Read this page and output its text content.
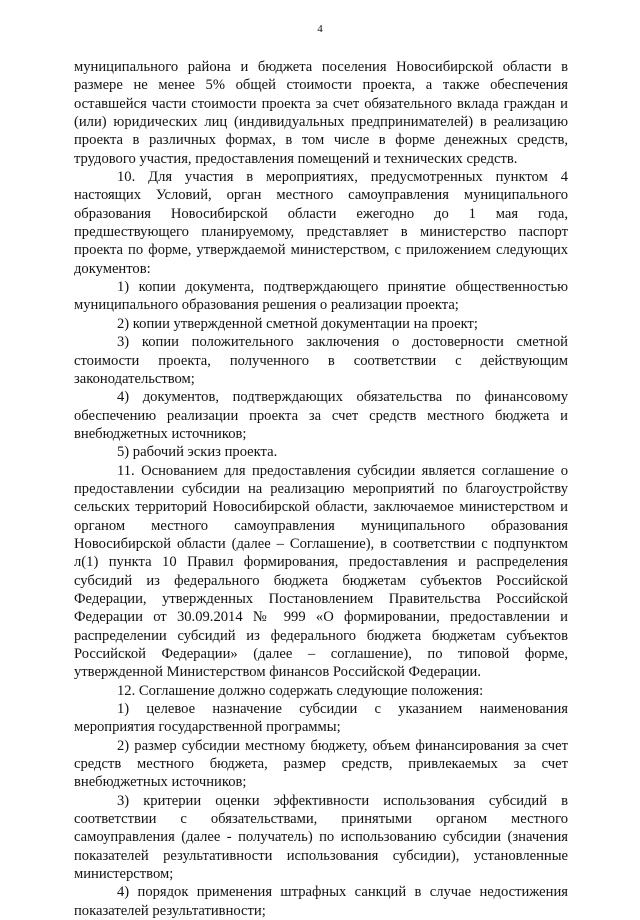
4

муниципального района и бюджета поселения Новосибирской области в размере не менее 5% общей стоимости проекта, а также обеспечения оставшейся части стоимости проекта за счет обязательного вклада граждан и (или) юридических лиц (индивидуальных предпринимателей) в реализацию проекта в различных формах, в том числе в форме денежных средств, трудового участия, предоставления помещений и технических средств.

10. Для участия в мероприятиях, предусмотренных пунктом 4 настоящих Условий, орган местного самоуправления муниципального образования Новосибирской области ежегодно до 1 мая года, предшествующего планируемому, представляет в министерство паспорт проекта по форме, утверждаемой министерством, с приложением следующих документов:

1) копии документа, подтверждающего принятие общественностью муниципального образования решения о реализации проекта;

2) копии утвержденной сметной документации на проект;

3) копии положительного заключения о достоверности сметной стоимости проекта, полученного в соответствии с действующим законодательством;

4) документов, подтверждающих обязательства по финансовому обеспечению реализации проекта за счет средств местного бюджета и внебюджетных источников;

5) рабочий эскиз проекта.

11. Основанием для предоставления субсидии является соглашение о предоставлении субсидии на реализацию мероприятий по благоустройству сельских территорий Новосибирской области, заключаемое министерством и органом местного самоуправления муниципального образования Новосибирской области (далее – Соглашение), в соответствии с подпунктом л(1) пункта 10 Правил формирования, предоставления и распределения субсидий из федерального бюджета бюджетам субъектов Российской Федерации, утвержденных Постановлением Правительства Российской Федерации от 30.09.2014 № 999 «О формировании, предоставлении и распределении субсидий из федерального бюджета бюджетам субъектов Российской Федерации» (далее – соглашение), по типовой форме, утвержденной Министерством финансов Российской Федерации.

12. Соглашение должно содержать следующие положения:

1) целевое назначение субсидии с указанием наименования мероприятия государственной программы;

2) размер субсидии местному бюджету, объем финансирования за счет средств местного бюджета, размер средств, привлекаемых за счет внебюджетных источников;

3) критерии оценки эффективности использования субсидий в соответствии с обязательствами, принятыми органом местного самоуправления (далее - получатель) по использованию субсидии (значения показателей результативности использования субсидии), установленные министерством;

4) порядок применения штрафных санкций в случае недостижения показателей результативности;
